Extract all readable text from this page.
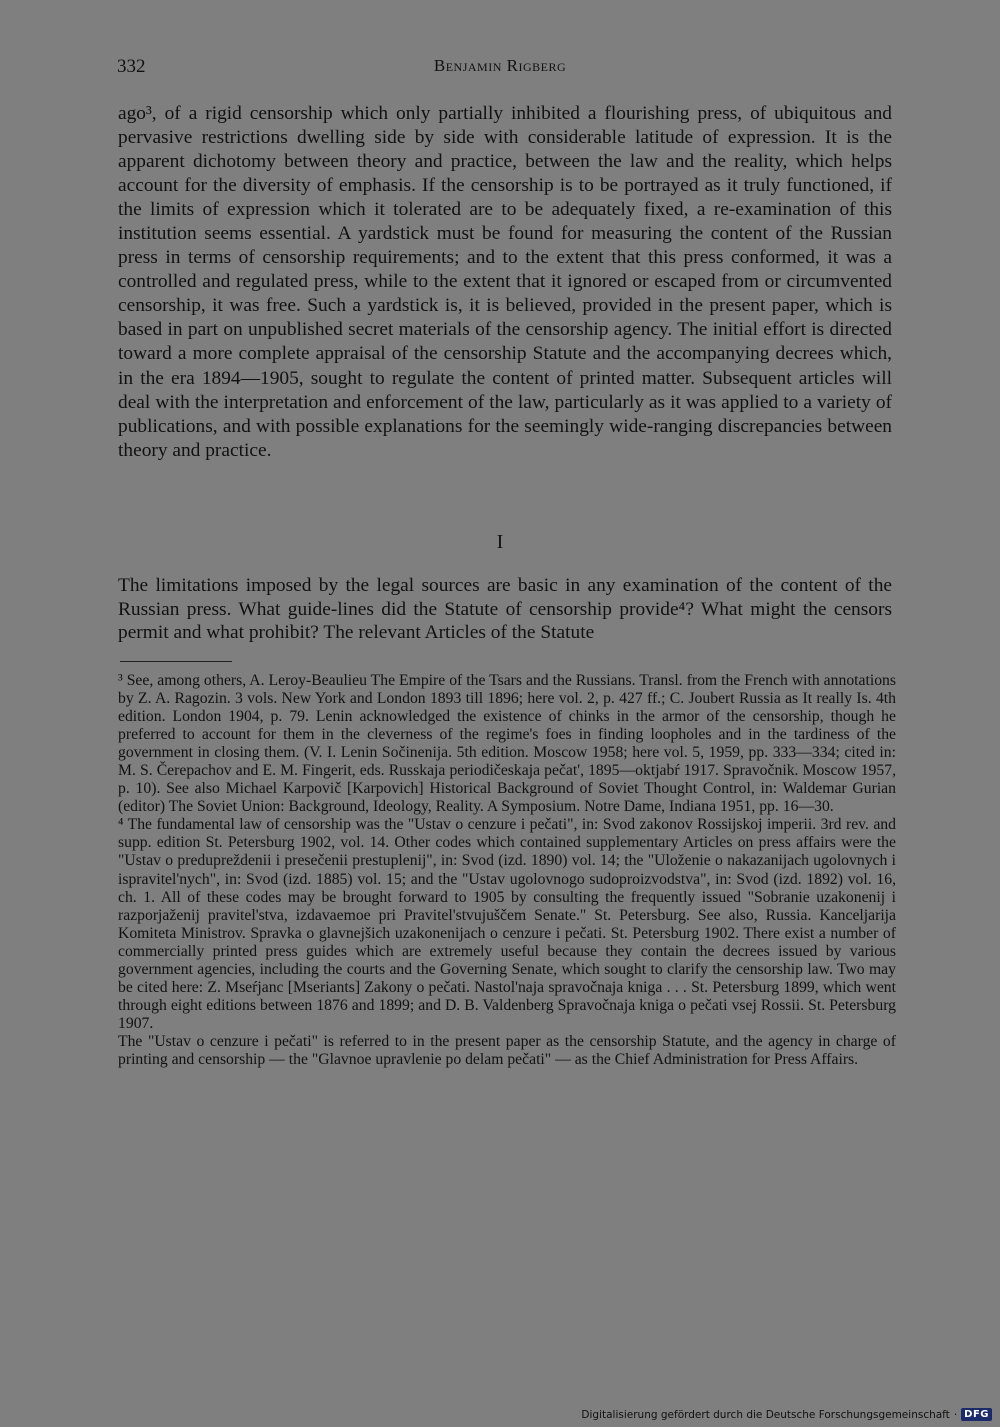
332	Benjamin Rigberg
ago³, of a rigid censorship which only partially inhibited a flourishing press, of ubiquitous and pervasive restrictions dwelling side by side with considerable latitude of expression. It is the apparent dichotomy between theory and practice, between the law and the reality, which helps account for the diversity of emphasis. If the censorship is to be portrayed as it truly functioned, if the limits of expression which it tolerated are to be adequately fixed, a re-examination of this institution seems essential. A yardstick must be found for measuring the content of the Russian press in terms of censorship requirements; and to the extent that this press conformed, it was a controlled and regulated press, while to the extent that it ignored or escaped from or circumvented censorship, it was free. Such a yardstick is, it is believed, provided in the present paper, which is based in part on unpublished secret materials of the censorship agency. The initial effort is directed toward a more complete appraisal of the censorship Statute and the accompanying decrees which, in the era 1894—1905, sought to regulate the content of printed matter. Subsequent articles will deal with the interpretation and enforcement of the law, particularly as it was applied to a variety of publications, and with possible explanations for the seemingly wide-ranging discrepancies between theory and practice.
I
The limitations imposed by the legal sources are basic in any examination of the content of the Russian press. What guide-lines did the Statute of censorship provide⁴? What might the censors permit and what prohibit? The relevant Articles of the Statute

³ See, among others, A. Leroy-Beaulieu The Empire of the Tsars and the Russians. Transl. from the French with annotations by Z. A. Ragozin. 3 vols. New York and London 1893 till 1896; here vol. 2, p. 427 ff.; C. Joubert Russia as It really Is. 4th edition. London 1904, p. 79. Lenin acknowledged the existence of chinks in the armor of the censorship, though he preferred to account for them in the cleverness of the regime's foes in finding loopholes and in the tardiness of the government in closing them. (V. I. Lenin Sočinenija. 5th edition. Moscow 1958; here vol. 5, 1959, pp. 333—334; cited in: M. S. Čerepachov and E. M. Fingerit, eds. Russkaja periodičeskaja pečat', 1895—oktjabŕ 1917. Spravočnik. Moscow 1957, p. 10). See also Michael Karpovič [Karpovich] Historical Background of Soviet Thought Control, in: Waldemar Gurian (editor) The Soviet Union: Background, Ideology, Reality. A Symposium. Notre Dame, Indiana 1951, pp. 16—30.

⁴ The fundamental law of censorship was the "Ustav o cenzure i pečati", in: Svod zakonov Rossijskoj imperii. 3rd rev. and supp. edition St. Petersburg 1902, vol. 14. Other codes which contained supplementary Articles on press affairs were the "Ustav o predupreždenii i presečenii prestuplenij", in: Svod (izd. 1890) vol. 14; the "Uloženie o nakazanijach ugolovnych i ispravitel'nych", in: Svod (izd. 1885) vol. 15; and the "Ustav ugolovnogo sudoproizvodstva", in: Svod (izd. 1892) vol. 16, ch. 1. All of these codes may be brought forward to 1905 by consulting the frequently issued "Sobranie uzakonenij i razporjaženij pravitel'stva, izdavaemoe pri Pravitel'stvujuščem Senate." St. Petersburg. See also, Russia. Kanceljarija Komiteta Ministrov. Spravka o glavnejšich uzakonenijach o cenzure i pečati. St. Petersburg 1902. There exist a number of commercially printed press guides which are extremely useful because they contain the decrees issued by various government agencies, including the courts and the Governing Senate, which sought to clarify the censorship law. Two may be cited here: Z. Mseŕjanc [Mseriants] Zakony o pečati. Nastol'naja spravočnaja kniga . . . St. Petersburg 1899, which went through eight editions between 1876 and 1899; and D. B. Valdenberg Spravočnaja kniga o pečati vsej Rossii. St. Petersburg 1907.

The "Ustav o cenzure i pečati" is referred to in the present paper as the censorship Statute, and the agency in charge of printing and censorship — the "Glavnoe upravlenie po delam pečati" — as the Chief Administration for Press Affairs.

Digitalisierung gefördert durch die Deutsche Forschungsgemeinschaft · DFG
